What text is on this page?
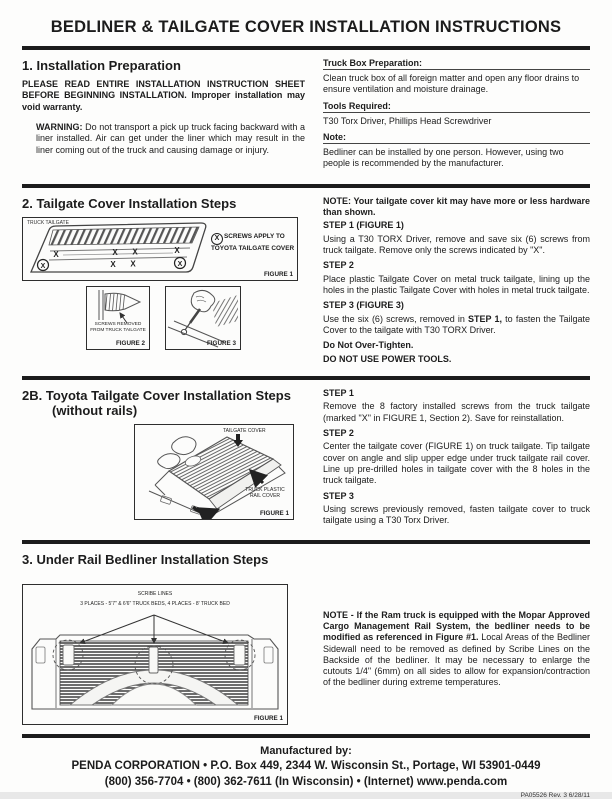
BEDLINER & TAILGATE COVER INSTALLATION INSTRUCTIONS
1. Installation Preparation

PLEASE READ ENTIRE INSTALLATION INSTRUCTION SHEET BEFORE BEGINNING INSTALLATION. Improper installation may void warranty.

WARNING: Do not transport a pick up truck facing backward with a liner installed. Air can get under the liner which may result in the liner coming out of the truck and causing damage or injury.

Truck Box Preparation:

Clean truck box of all foreign matter and open any floor drains to ensure ventilation and moisture drainage.

Tools Required:

T30 Torx Driver, Phillips Head Screwdriver

Note:

Bedliner can be installed by one person. However, using two people is recommended by the manufacturer.

2. Tailgate Cover Installation Steps
TRUCK TAILGATE
X	X X	X
X X
X	X
X SCREWS APPLY TO TOYOTA TAILGATE COVER
FIGURE 1
SCREWS REMOVED FROM TRUCK TAILGATE
FIGURE 2	FIGURE 3

NOTE: Your tailgate cover kit may have more or less hardware than shown.

STEP 1 (FIGURE 1)

Using a T30 TORX Driver, remove and save six (6) screws from truck tailgate. Remove only the screws indicated by "X".

STEP 2

Place plastic Tailgate Cover on metal truck tailgate, lining up the holes in the plastic Tailgate Cover with holes in metal truck tailgate.

STEP 3 (FIGURE 3)

Use the six (6) screws, removed in STEP 1, to fasten the Tailgate Cover to the tailgate with T30 TORX Driver.

Do Not Over-Tighten.

DO NOT USE POWER TOOLS.

2B. Toyota Tailgate Cover Installation Steps
(without rails)
TAILGATE COVER
TRUCK PLASTIC RAIL COVER
FIGURE 1

STEP 1

Remove the 8 factory installed screws from the truck tailgate (marked "X" in FIGURE 1, Section 2). Save for reinstallation.

STEP 2

Center the tailgate cover (FIGURE 1) on truck tailgate. Tip tailgate cover on angle and slip upper edge under truck tailgate rail cover. Line up pre-drilled holes in tailgate cover with the 8 holes in the truck tailgate.

STEP 3

Using screws previously removed, fasten tailgate cover to truck tailgate using a T30 Torx Driver.

3. Under Rail Bedliner Installation Steps
SCRIBE LINES
3 PLACES - 5'7" & 6'6" TRUCK BEDS, 4 PLACES - 8' TRUCK BED
FIGURE 1

NOTE - If the Ram truck is equipped with the Mopar Approved Cargo Management Rail System, the bedliner needs to be modified as referenced in Figure #1. Local Areas of the Bedliner Sidewall need to be removed as defined by Scribe Lines on the Backside of the bedliner. It may be necessary to enlarge the cutouts 1/4" (6mm) on all sides to allow for expansion/contraction of the bedliner during extreme temperatures.

Manufactured by:
PENDA CORPORATION • P.O. Box 449, 2344 W. Wisconsin St., Portage, WI 53901-0449
(800) 356-7704 • (800) 362-7611 (In Wisconsin) • (Internet) www.penda.com
PA05526 Rev. 3 6/28/11
